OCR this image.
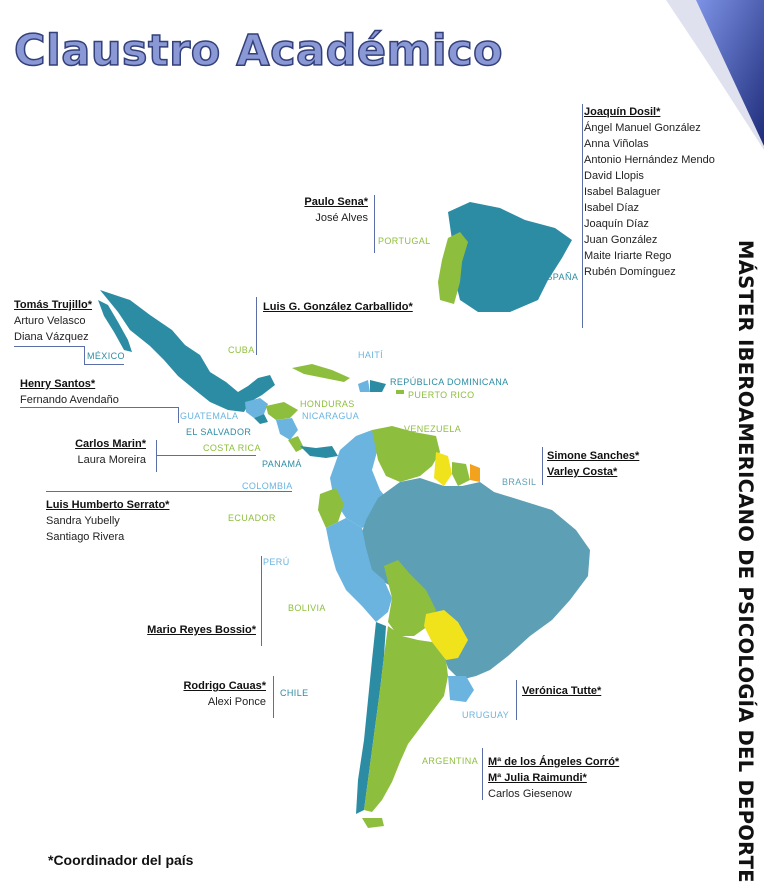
Claustro Académico
MÁSTER IBEROAMERICANO DE PSICOLOGÍA DEL DEPORTE
PORTUGAL
ESPAÑA
MÉXICO
CUBA	HAITÍ
REPÚBLICA DOMINICANA
PUERTO RICO
GUATEMALA
EL SALVADOR
HONDURAS
NICARAGUA
COSTA RICA
PANAMÁ
VENEZUELA
COLOMBIA
ECUADOR
BRASIL
PERÚ
BOLIVIA
CHILE
URUGUAY
ARGENTINA
Joaquín Dosil*
Ángel Manuel González
Anna Viñolas
Antonio Hernández Mendo
David Llopis
Isabel Balaguer
Isabel Díaz
Joaquín Díaz
Juan González
Maite Iriarte Rego
Rubén Domínguez
Paulo Sena*
José Alves
Luis G. González Carballido*
Tomás Trujillo*
Arturo Velasco
Diana Vázquez
Henry Santos*
Fernando Avendaño
Carlos Marin*
Laura Moreira
Luis Humberto Serrato*
Sandra Yubelly
Santiago Rivera
Simone Sanches*
Varley Costa*
Mario Reyes Bossio*
Rodrigo Cauas*
Alexi Ponce
Verónica Tutte*
Mª de los Ángeles Corró*
Mª Julia Raimundi*
Carlos Giesenow
*Coordinador del país
